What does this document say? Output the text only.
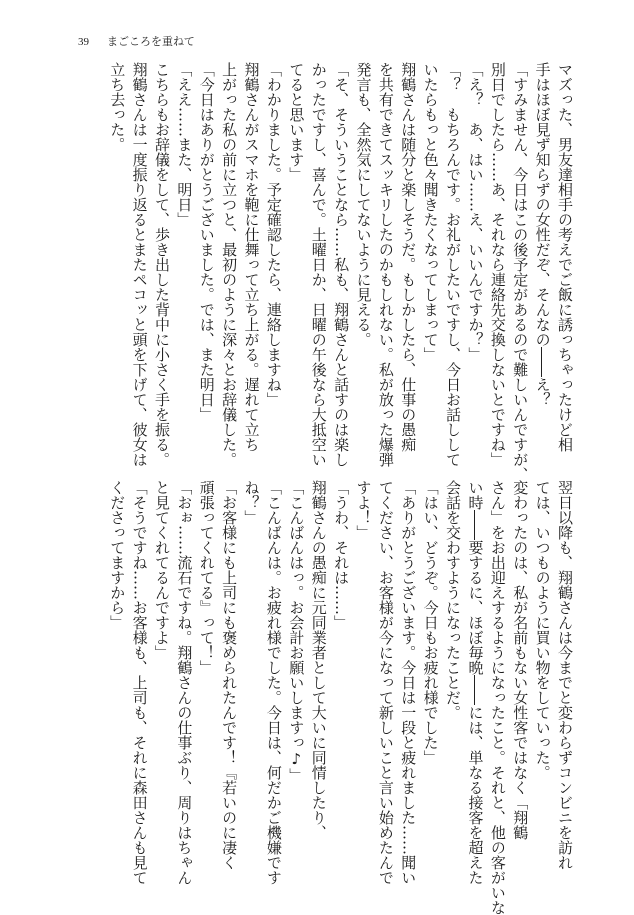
39 まごころを重ねて
マズった、男友達相手の考えでご飯に誘っちゃったけど相
手はほぼ見ず知らずの女性だぞ、そんなの――え？
「すみません、今日はこの後予定があるので難しいんですが、
別日でしたら……あ、それなら連絡先交換しないとですね」
「え？　あ、はい……え、いいんですか？」
「？　もちろんです。お礼がしたいですし、今日お話しして
いたらもっと色々聞きたくなってしまって」
翔鶴さんは随分と楽しそうだ。もしかしたら、仕事の愚痴
を共有できてスッキリしたのかもしれない。私が放った爆弾
発言も、全然気にしてないように見える。
「そ、そういうことなら……私も、翔鶴さんと話すのは楽し
かったですし、喜んで。土曜日か、日曜の午後なら大抵空い
てると思います」
「わかりました。予定確認したら、連絡しますね」
翔鶴さんがスマホを鞄に仕舞って立ち上がる。遅れて立ち
上がった私の前に立つと、最初のように深々とお辞儀した。
「今日はありがとうございました。では、また明日」
「ええ……また、明日」
こちらもお辞儀をして、歩き出した背中に小さく手を振る。
翔鶴さんは一度振り返るとまたペコッと頭を下げて、彼女は
立ち去った。
翌日以降も、翔鶴さんは今までと変わらずコンビニを訪れ
ては、いつものように買い物をしていった。
変わったのは、私が名前もない女性客ではなく「翔鶴
さん」をお出迎えするようになったこと。それと、他の客がいな
い時――要するに、ほぼ毎晩――には、単なる接客を超えた
会話を交わすようになったことだ。
「はい、どうぞ。今日もお疲れ様でした」
「ありがとうございます。今日は一段と疲れました……聞い
てください、お客様が今になって新しいこと言い始めたんで
すよ！」
「うわ、それは……」
翔鶴さんの愚痴に元同業者として大いに同情したり、
「こんばんはっ。お会計お願いしますっ♪」
「こんばんは。お疲れ様でした。今日は、何だかご機嫌です
ね？」
「お客様にも上司にも褒められたんです！『若いのに凄く
頑張ってくれてる』って！」
「おぉ……流石ですね。翔鶴さんの仕事ぶり、周りはちゃん
と見てくれてるんですよ」
「そうですね……お客様も、上司も、それに森田さんも見て
くださってますから」
